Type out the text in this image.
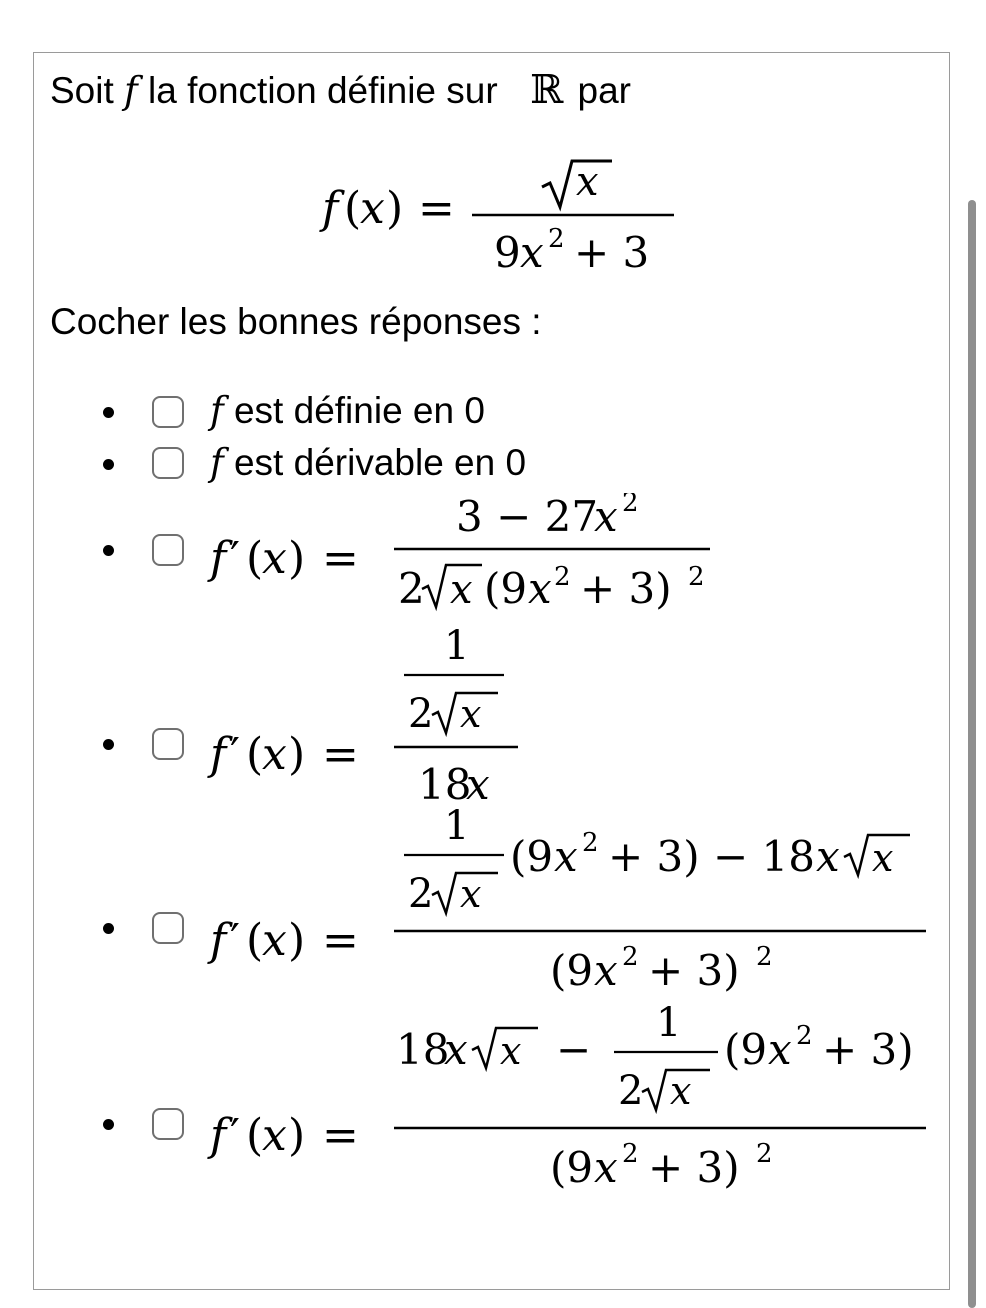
Soit f la fonction définie sur ℝ par
f (
x ) =
x
9 x 2 + 3
Cocher les bonnes réponses :
f est définie en 0
f est dérivable en 0
f ′ (
x ) =
3 − 27
x 2
2 x (9 x 2 + 3) 2
f ′ (
x ) =
1
2 x
18
x
f ′ (
x ) =
1
2 x
(9 x 2 + 3) − 18 x x
(9 x 2 + 3) 2
f ′ (
x ) =
18
x x −
1
2 x
(9 x 2 + 3)
(9 x 2 + 3) 2
